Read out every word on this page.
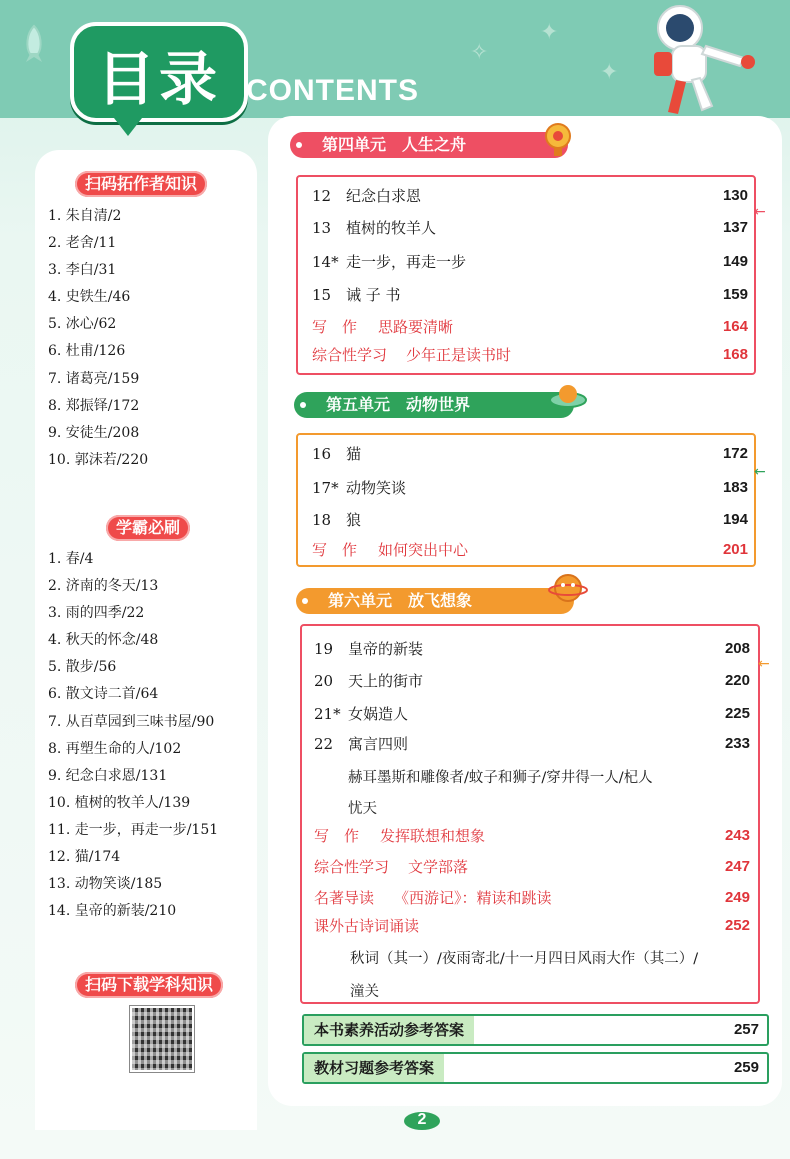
✦
✧
✦
目录 CONTENTS
扫码拓作者知识
1. 朱自清/2
2. 老舍/11
3. 李白/31
4. 史铁生/46
5. 冰心/62
6. 杜甫/126
7. 诸葛亮/159
8. 郑振铎/172
9. 安徒生/208
10. 郭沫若/220
学霸必刷
1. 春/4
2. 济南的冬天/13
3. 雨的四季/22
4. 秋天的怀念/48
5. 散步/56
6. 散文诗二首/64
7. 从百草园到三味书屋/90
8. 再塑生命的人/102
9. 纪念白求恩/131
10. 植树的牧羊人/139
11. 走一步，再走一步/151
12. 猫/174
13. 动物笑谈/185
14. 皇帝的新装/210
扫码下载学科知识
第四单元 人生之舟
12 纪念白求恩	130
13 植树的牧羊人	137
14* 走一步，再走一步	149
15 诫 子 书	159
写　作 思路要清晰	164
综合性学习 少年正是读书时	168
←
第五单元 动物世界
16 猫	172
17* 动物笑谈	183
18 狼	194
写　作 如何突出中心	201
←
第六单元 放飞想象
19 皇帝的新装	208
20 天上的街市	220
21* 女娲造人	225
22 寓言四则	233
赫耳墨斯和雕像者/蚊子和狮子/穿井得一人/杞人
忧天
写　作 发挥联想和想象	243
综合性学习 文学部落	247
名著导读 《西游记》：精读和跳读	249
课外古诗词诵读	252
秋词（其一）/夜雨寄北/十一月四日风雨大作（其二）/
潼关
←
本书素养活动参考答案	257
教材习题参考答案	259
2
